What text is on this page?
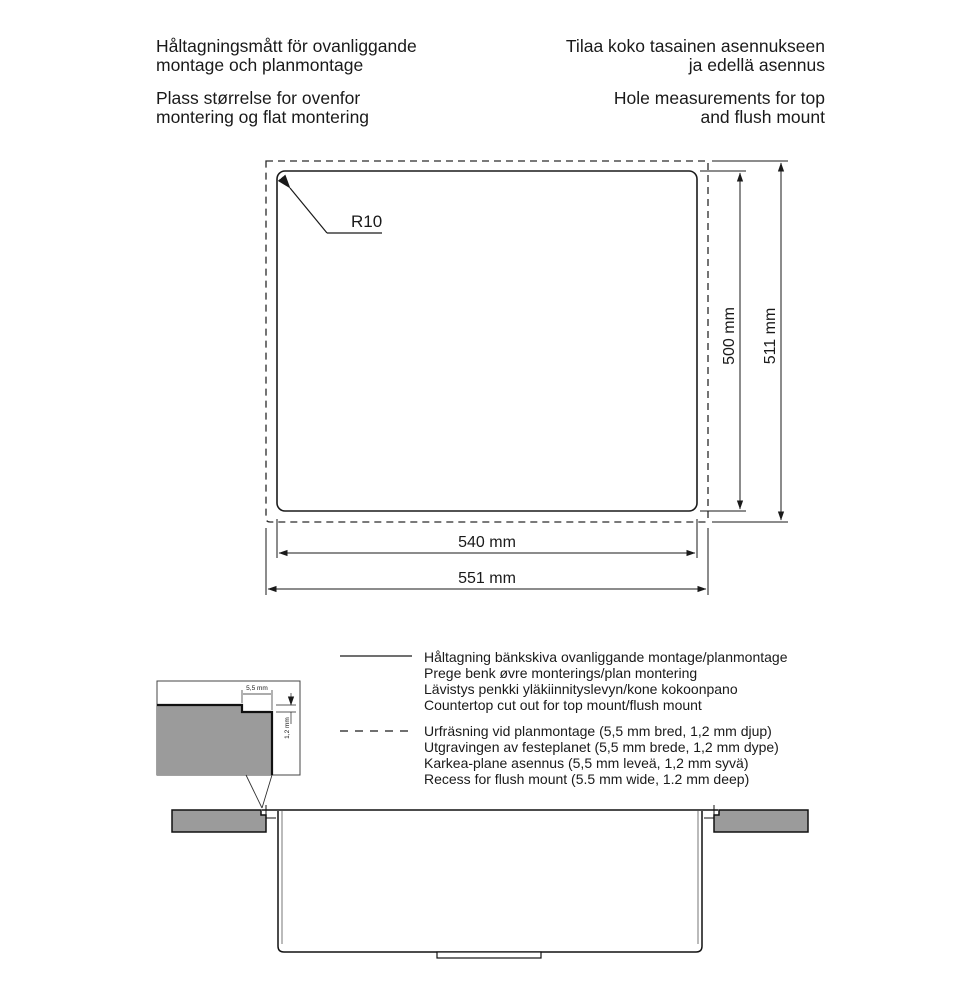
Håltagningsmått för ovanliggande
montage och planmontage
Tilaa koko tasainen asennukseen
ja edellä asennus
Plass størrelse for ovenfor
montering og flat montering
Hole measurements for top
and flush mount
R10
540 mm
551 mm
500 mm 511 mm
Håltagning bänkskiva ovanliggande montage/planmontage
Prege benk øvre monterings/plan montering
Lävistys penkki yläkiinnityslevyn/kone kokoonpano
Countertop cut out for top mount/flush mount
Urfräsning vid planmontage (5,5 mm bred, 1,2 mm djup)
Utgravingen av festeplanet (5,5 mm brede, 1,2 mm dype)
Karkea-plane asennus (5,5 mm leveä, 1,2 mm syvä)
Recess for flush mount (5.5 mm wide, 1.2 mm deep)
5,5 mm
1,2 mm
